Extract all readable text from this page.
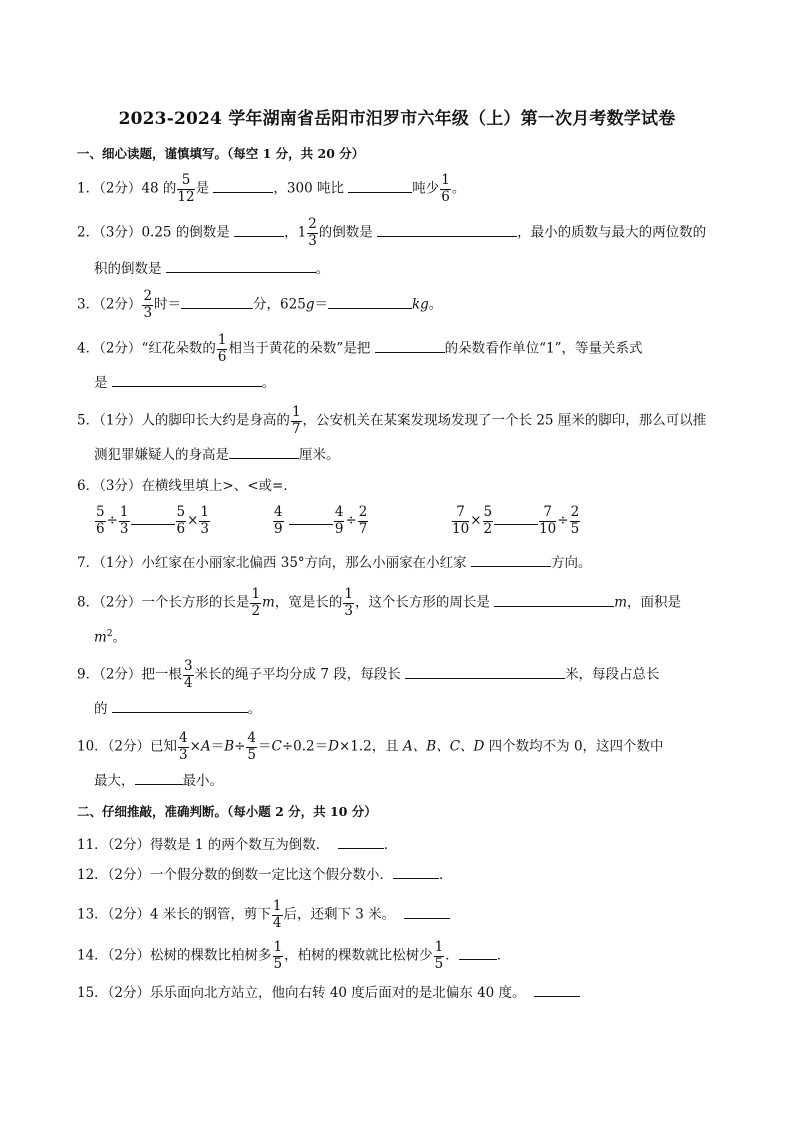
2023-2024 学年湖南省岳阳市汨罗市六年级（上）第一次月考数学试卷
一、细心读题，谨慎填写。（每空 1 分，共 20 分）
1．（2分）48 的 $\frac{5}{12}$ 是	，300 吨比	吨少 $\frac{1}{6}$ 。
2．（3分）0.25 的倒数是	，$1 \frac{2}{3}$ 的倒数是	，最小的质数与最大的两位数的
积的倒数是	。
3．（2分） $\frac{2}{3}$ 时＝	分，625g＝	kg。
4．（2分）“红花朵数的 $\frac{1}{6}$ 相当于黄花的朵数”是把	的朵数看作单位“1”，等量关系式
是	。
5．（1分）人的脚印长大约是身高的 $\frac{1}{7}$ ，公安机关在某案发现场发现了一个长 25 厘米的脚印，那么可以推
测犯罪嫌疑人的身高是	厘米。
6．（3分）在横线里填上>、<或=．
$\frac{5}{6} \div \frac{1}{3}$	$\frac{5}{6} \times \frac{1}{3}$	$\frac{4}{9}$
	$\frac{4}{9} \div \frac{2}{7}$	$\frac{7}{10} \times \frac{5}{2}$	$\frac{7}{10} \div \frac{2}{5}$
7．（1分）小红家在小丽家北偏西 35°方向，那么小丽家在小红家	方向。
8．（2分）一个长方形的长是 $\frac{1}{2}$ m，宽是长的 $\frac{1}{3}$ ，这个长方形的周长是	m，面积是
$m^2$。
9．（2分）把一根 $\frac{3}{4}$ 米长的绳子平均分成 7 段，每段长	米，每段占总长
的	。
10．（2分）已知 $\frac{4}{3} \times A=B\div \frac{4}{5} =C\div 0.2=D\times 1.2$，且 A、B、C、D 四个数均不为 0，这四个数中
最大，	最小。
二、仔细推敲，准确判断。（每小题 2 分，共 10 分）
11．（2分）得数是 1 的两个数互为倒数．	．
12．（2分）一个假分数的倒数一定比这个假分数小．	．
13．（2分）4 米长的钢管，剪下 $\frac{1}{4}$ 后，还剩下 3 米。
14．（2分）松树的棵数比柏树多 $\frac{1}{5}$ ，柏树的棵数就比松树少 $\frac{1}{5}$ ．	．
15．（2分）乐乐面向北方站立，他向右转 40 度后面对的是北偏东 40 度。
